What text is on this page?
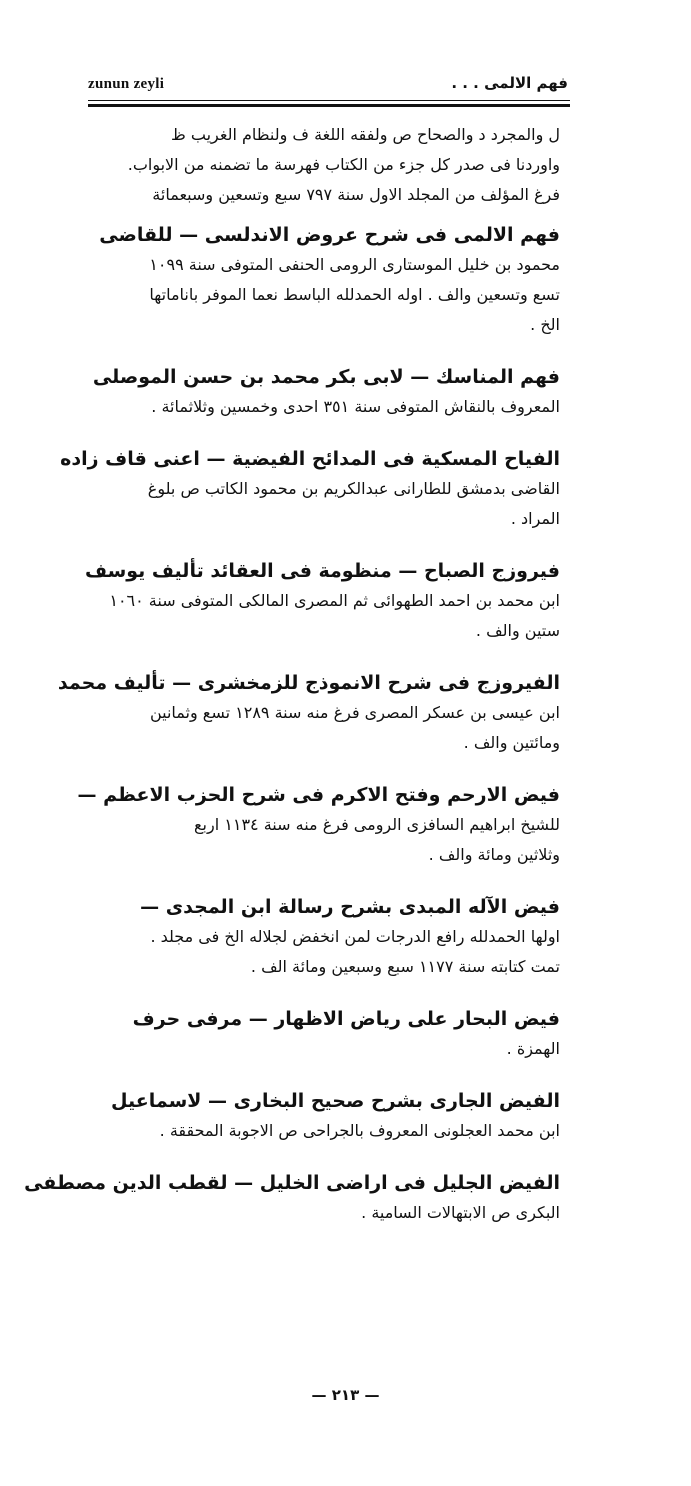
zunun zeyli	فهم الالمى . . .
ل والمجرد د والصحاح ص ولفقه اللغة ف ولنظام الغريب ظ
واوردنا فى صدر كل جزء من الكتاب فهرسة ما تضمنه من الابواب.
فرغ المؤلف من المجلد الاول سنة ٧٩٧ سبع وتسعين وسبعمائة
فهم الالمى فى شرح عروض الاندلسى — للقاضى
محمود بن خليل الموستارى الرومى الحنفى المتوفى سنة ١٠٩٩
تسع وتسعين والف . اوله الحمدلله الباسط نعما الموفر باناماتها
الخ .
فهم المناسك — لابى بكر محمد بن حسن الموصلى
المعروف بالنقاش المتوفى سنة ٣٥١ احدى وخمسين وثلاثمائة .
الفياح المسكية فى المدائح الفيضية — اعنى قاف زاده
القاضى بدمشق للطارانى عبدالكريم بن محمود الكاتب ص بلوغ
المراد .
فيروزج الصباح — منظومة فى العقائد تأليف يوسف
ابن محمد بن احمد الطهوائى ثم المصرى المالكى المتوفى سنة ١٠٦٠
ستين والف .
الفيروزج فى شرح الانموذج للزمخشرى — تأليف محمد
ابن عيسى بن عسكر المصرى فرغ منه سنة ١٢٨٩ تسع وثمانين
ومائتين والف .
فيض الارحم وفتح الاكرم فى شرح الحزب الاعظم —
للشيخ ابراهيم السافزى الرومى فرغ منه سنة ١١٣٤ اربع
وثلاثين ومائة والف .
فيض الآله المبدى بشرح رسالة ابن المجدى —
اولها الحمدلله رافع الدرجات لمن انخفض لجلاله الخ فى مجلد .
تمت كتابته سنة ١١٧٧ سبع وسبعين ومائة الف .
فيض البحار على رياض الاظهار — مرفى حرف
الهمزة .
الفيض الجارى بشرح صحيح البخارى — لاسماعيل
ابن محمد العجلونى المعروف بالجراحى ص الاجوبة المحققة .
الفيض الجليل فى اراضى الخليل — لقطب الدين مصطفى
البكرى ص الابتهالات السامية .
— ٢١٣ —
